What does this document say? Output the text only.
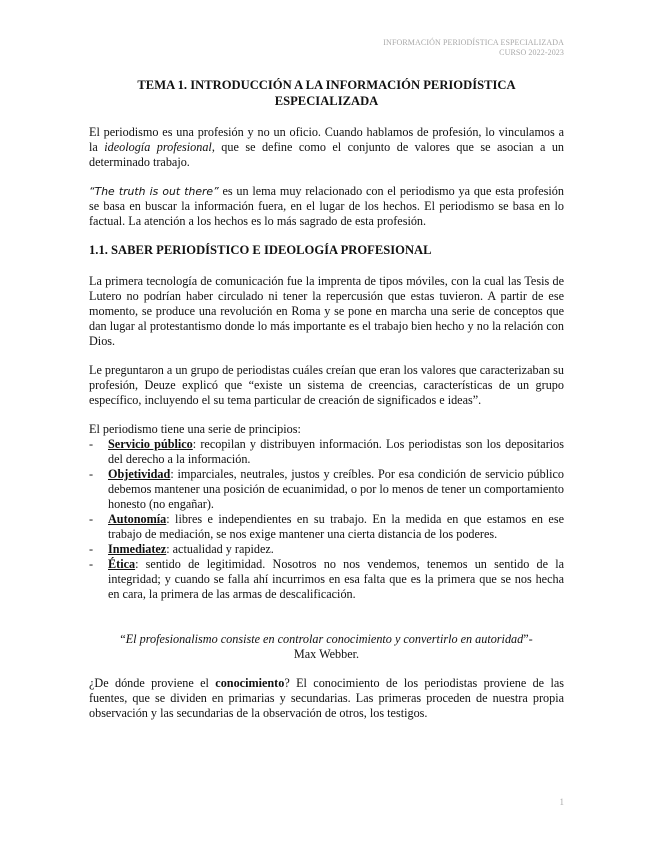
INFORMACIÓN PERIODÍSTICA ESPECIALIZADA
CURSO 2022-2023
TEMA 1. INTRODUCCIÓN A LA INFORMACIÓN PERIODÍSTICA
ESPECIALIZADA

El periodismo es una profesión y no un oficio. Cuando hablamos de profesión, lo vinculamos a la ideología profesional, que se define como el conjunto de valores que se asocian a un determinado trabajo.

“The truth is out there” es un lema muy relacionado con el periodismo ya que esta profesión se basa en buscar la información fuera, en el lugar de los hechos. El periodismo se basa en lo factual. La atención a los hechos es lo más sagrado de esta profesión.

1.1. SABER PERIODÍSTICO E IDEOLOGÍA PROFESIONAL

La primera tecnología de comunicación fue la imprenta de tipos móviles, con la cual las Tesis de Lutero no podrían haber circulado ni tener la repercusión que estas tuvieron. A partir de ese momento, se produce una revolución en Roma y se pone en marcha una serie de conceptos que dan lugar al protestantismo donde lo más importante es el trabajo bien hecho y no la relación con Dios.

Le preguntaron a un grupo de periodistas cuáles creían que eran los valores que caracterizaban su profesión, Deuze explicó que “existe un sistema de creencias, características de un grupo específico, incluyendo el su tema particular de creación de significados e ideas”.

El periodismo tiene una serie de principios:
- Servicio público: recopilan y distribuyen información. Los periodistas son los depositarios del derecho a la información.
- Objetividad: imparciales, neutrales, justos y creíbles. Por esa condición de servicio público debemos mantener una posición de ecuanimidad, o por lo menos de tener un comportamiento honesto (no engañar).
- Autonomía: libres e independientes en su trabajo. En la medida en que estamos en ese trabajo de mediación, se nos exige mantener una cierta distancia de los poderes.
- Inmediatez: actualidad y rapidez.
- Ética: sentido de legitimidad. Nosotros no nos vendemos, tenemos un sentido de la integridad; y cuando se falla ahí incurrimos en esa falta que es la primera que se nos hecha en cara, la primera de las armas de descalificación.
“El profesionalismo consiste en controlar conocimiento y convertirlo en autoridad”-
Max Webber.

¿De dónde proviene el conocimiento? El conocimiento de los periodistas proviene de las fuentes, que se dividen en primarias y secundarias. Las primeras proceden de nuestra propia observación y las secundarias de la observación de otros, los testigos.

1
